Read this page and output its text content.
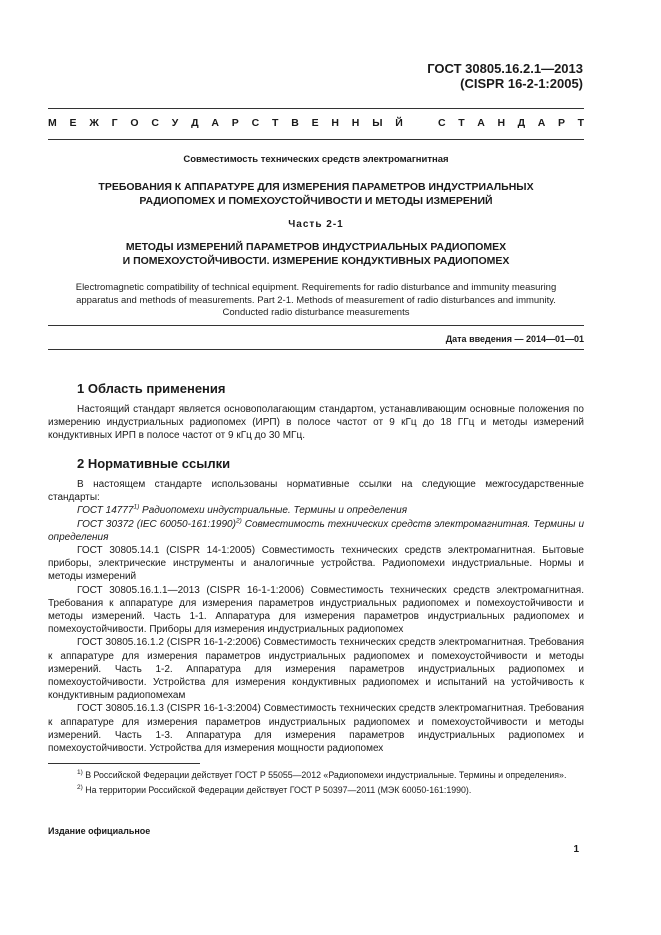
ГОСТ 30805.16.2.1—2013
(CISPR 16-2-1:2005)
М Е Ж Г О С У Д А Р С Т В Е Н Н Ы Й	С Т А Н Д А Р Т
Совместимость технических средств электромагнитная
ТРЕБОВАНИЯ К АППАРАТУРЕ ДЛЯ ИЗМЕРЕНИЯ ПАРАМЕТРОВ ИНДУСТРИАЛЬНЫХ
РАДИОПОМЕХ И ПОМЕХОУСТОЙЧИВОСТИ И МЕТОДЫ ИЗМЕРЕНИЙ
Часть 2-1
МЕТОДЫ ИЗМЕРЕНИЙ ПАРАМЕТРОВ ИНДУСТРИАЛЬНЫХ РАДИОПОМЕХ
И ПОМЕХОУСТОЙЧИВОСТИ. ИЗМЕРЕНИЕ КОНДУКТИВНЫХ РАДИОПОМЕХ
Electromagnetic compatibility of technical equipment. Requirements for radio disturbance and immunity measuring
apparatus and methods of measurements. Part 2-1. Methods of measurement of radio disturbances and immunity.
Conducted radio disturbance measurements
Дата введения — 2014—01—01
1 Область применения

Настоящий стандарт является основополагающим стандартом, устанавливающим основные положения по измерению индустриальных радиопомех (ИРП) в полосе частот от 9 кГц до 18 ГГц и методы измерений кондуктивных ИРП в полосе частот от 9 кГц до 30 МГц.

2 Нормативные ссылки

В настоящем стандарте использованы нормативные ссылки на следующие межгосударственные стандарты:

ГОСТ 14777$^{1)}$ Радиопомехи индустриальные. Термины и определения

ГОСТ 30372 (IEC 60050-161:1990)$^{2)}$ Совместимость технических средств электромагнитная. Термины и определения

ГОСТ 30805.14.1 (CISPR 14-1:2005) Совместимость технических средств электромагнитная. Бытовые приборы, электрические инструменты и аналогичные устройства. Радиопомехи индустриальные. Нормы и методы измерений

ГОСТ 30805.16.1.1—2013 (CISPR 16-1-1:2006) Совместимость технических средств электромагнитная. Требования к аппаратуре для измерения параметров индустриальных радиопомех и помехоустойчивости и методы измерений. Часть 1-1. Аппаратура для измерения параметров индустриальных радиопомех и помехоустойчивости. Приборы для измерения индустриальных радиопомех

ГОСТ 30805.16.1.2 (CISPR 16-1-2:2006) Совместимость технических средств электромагнитная. Требования к аппаратуре для измерения параметров индустриальных радиопомех и помехоустойчивости и методы измерений. Часть 1-2. Аппаратура для измерения параметров индустриальных радиопомех и помехоустойчивости. Устройства для измерения кондуктивных радиопомех и испытаний на устойчивость к кондуктивным радиопомехам

ГОСТ 30805.16.1.3 (CISPR 16-1-3:2004) Совместимость технических средств электромагнитная. Требования к аппаратуре для измерения параметров индустриальных радиопомех и помехоустойчивости и методы измерений. Часть 1-3. Аппаратура для измерения параметров индустриальных радиопомех и помехоустойчивости. Устройства для измерения мощности радиопомех

$^{1)}$ В Российской Федерации действует ГОСТ Р 55055—2012 «Радиопомехи индустриальные. Термины и определения».

$^{2)}$ На территории Российской Федерации действует ГОСТ Р 50397—2011 (МЭК 60050-161:1990).

Издание официальное
1
